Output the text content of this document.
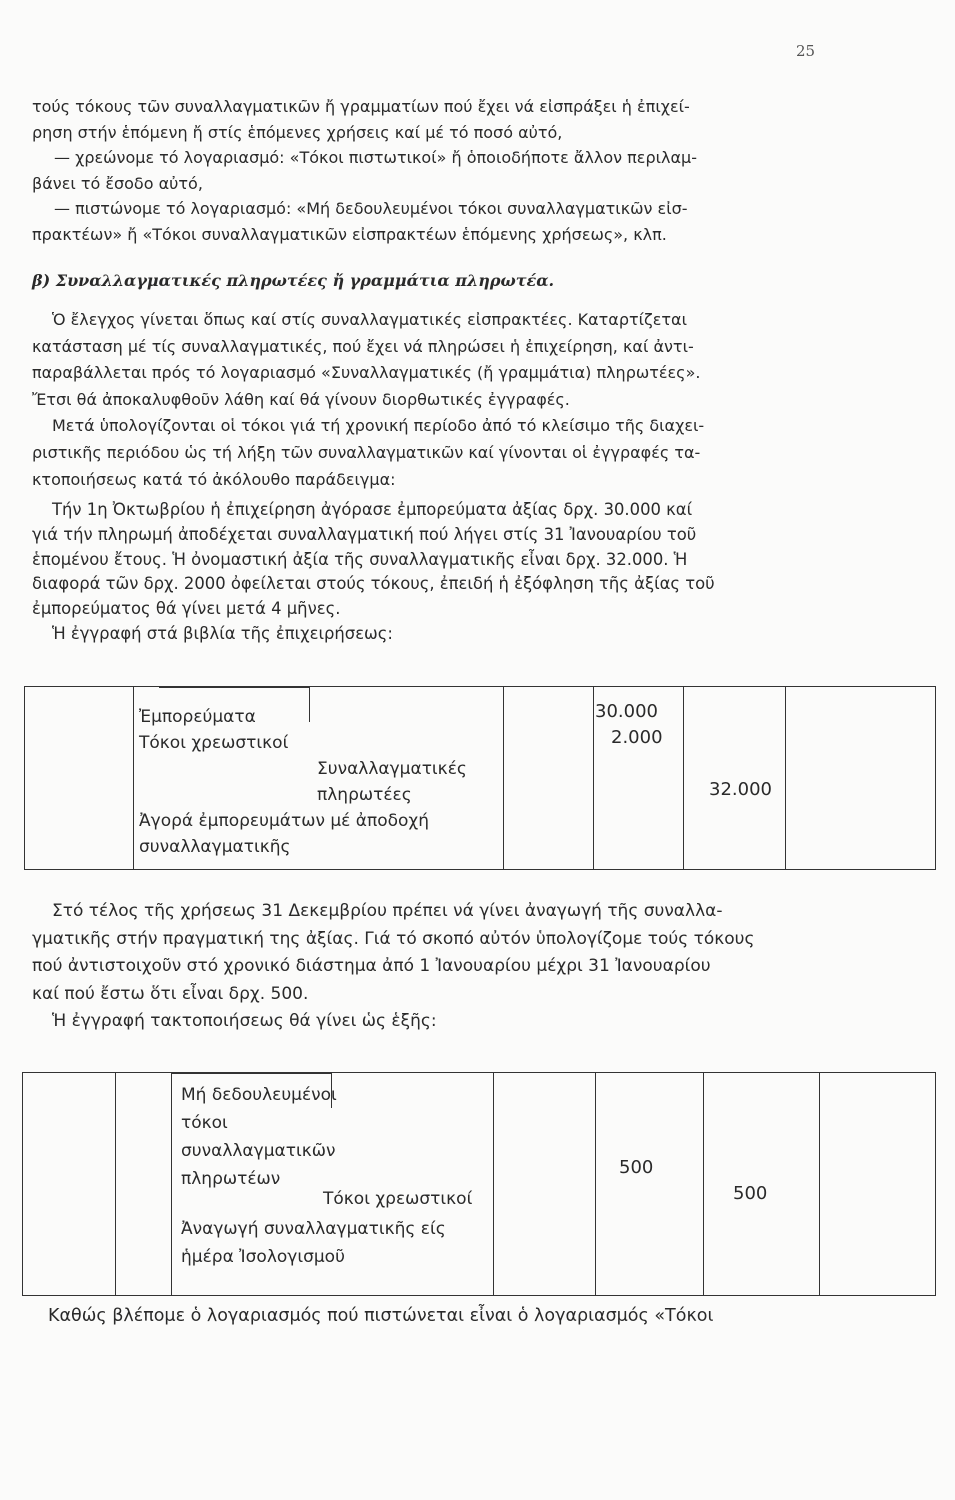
25
τούς τόκους τῶν συναλλαγματικῶν ἤ γραμματίων πού ἔχει νά εἰσπράξει ἡ ἐπιχεί-
ρηση στήν ἑπόμενη ἤ στίς ἑπόμενες χρήσεις καί μέ τό ποσό αὐτό,
— χρεώνομε τό λογαριασμό: «Τόκοι πιστωτικοί» ἤ ὁποιοδήποτε ἄλλον περιλαμ-
βάνει τό ἔσοδο αὐτό,
— πιστώνομε τό λογαριασμό: «Μή δεδουλευμένοι τόκοι συναλλαγματικῶν εἰσ-
πρακτέων» ἤ «Τόκοι συναλλαγματικῶν εἰσπρακτέων ἑπόμενης χρήσεως», κλπ.
β) Συναλλαγματικές πληρωτέες ἤ γραμμάτια πληρωτέα.
Ὁ ἔλεγχος γίνεται ὅπως καί στίς συναλλαγματικές εἰσπρακτέες. Καταρτίζεται
κατάσταση μέ τίς συναλλαγματικές, πού ἔχει νά πληρώσει ἡ ἐπιχείρηση, καί ἀντι-
παραβάλλεται πρός τό λογαριασμό «Συναλλαγματικές (ἤ γραμμάτια) πληρωτέες».
Ἔτσι θά ἀποκαλυφθοῦν λάθη καί θά γίνουν διορθωτικές ἐγγραφές.
Μετά ὑπολογίζονται οἱ τόκοι γιά τή χρονική περίοδο ἀπό τό κλείσιμο τῆς διαχει-
ριστικῆς περιόδου ὡς τή λήξη τῶν συναλλαγματικῶν καί γίνονται οἱ ἐγγραφές τα-
κτοποιήσεως κατά τό ἀκόλουθο παράδειγμα:
Τήν 1η Ὀκτωβρίου ἡ ἐπιχείρηση ἀγόρασε ἐμπορεύματα ἀξίας δρχ. 30.000 καί
γιά τήν πληρωμή ἀποδέχεται συναλλαγματική πού λήγει στίς 31 Ἰανουαρίου τοῦ
ἑπομένου ἔτους. Ἡ ὀνομαστική ἀξία τῆς συναλλαγματικῆς εἶναι δρχ. 32.000. Ἡ
διαφορά τῶν δρχ. 2000 ὀφείλεται στούς τόκους, ἐπειδή ἡ ἐξόφληση τῆς ἀξίας τοῦ
ἐμπορεύματος θά γίνει μετά 4 μῆνες.
Ἡ ἐγγραφή στά βιβλία τῆς ἐπιχειρήσεως:
Ἐμπορεύματα
Τόκοι χρεωστικοί
Συναλλαγματικές
πληρωτέες
Ἀγορά ἐμπορευμάτων μέ ἀποδοχή
συναλλαγματικῆς
30.000
2.000
32.000
Στό τέλος τῆς χρήσεως 31 Δεκεμβρίου πρέπει νά γίνει ἀναγωγή τῆς συναλλα-
γματικῆς στήν πραγματική της ἀξίας. Γιά τό σκοπό αὐτόν ὑπολογίζομε τούς τόκους
πού ἀντιστοιχοῦν στό χρονικό διάστημα ἀπό 1 Ἰανουαρίου μέχρι 31 Ἰανουαρίου
καί πού ἔστω ὅτι εἶναι δρχ. 500.
Ἡ ἐγγραφή τακτοποιήσεως θά γίνει ὡς ἑξῆς:
Μή δεδουλευμένοι
τόκοι
συναλλαγματικῶν
πληρωτέων
Τόκοι χρεωστικοί
Ἀναγωγή συναλλαγματικῆς είς
ἡμέρα Ἰσολογισμοῦ
500
500
Καθώς βλέπομε ὁ λογαριασμός πού πιστώνεται εἶναι ὁ λογαριασμός «Τόκοι
